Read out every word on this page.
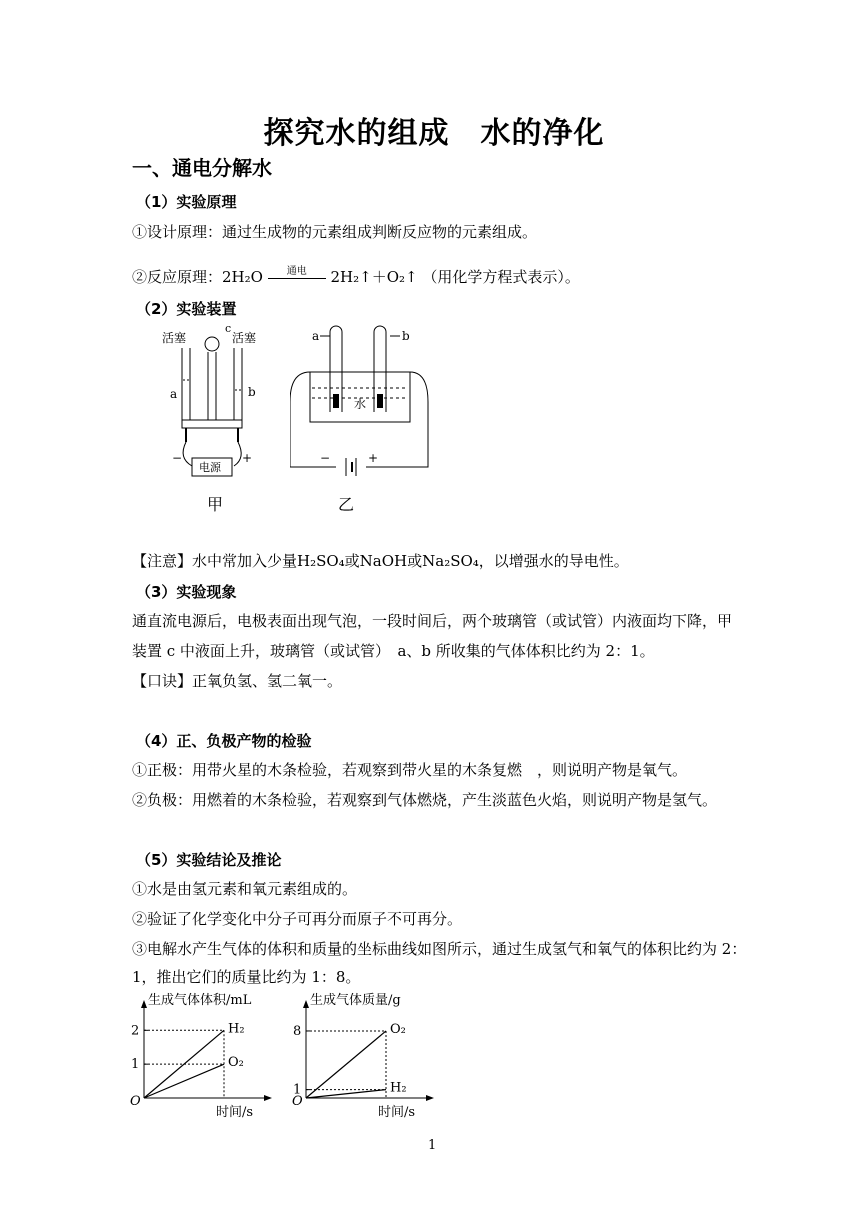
探究水的组成　水的净化
一、通电分解水
（1）实验原理
①设计原理：通过生成物的元素组成判断反应物的元素组成。
②反应原理：2H₂O	通电	2H₂↑＋O₂↑ （用化学方程式表示）。
（2）实验装置
活塞	活塞
c
a	b
电源
−	+
甲
a	b
水
−	+
乙
【注意】水中常加入少量H₂SO₄或NaOH或Na₂SO₄，以增强水的导电性。
（3）实验现象
通直流电源后，电极表面出现气泡，一段时间后，两个玻璃管（或试管）内液面均下降，甲
装置 c 中液面上升，玻璃管（或试管）　a、b 所收集的气体体积比约为 2：1。
【口诀】正氧负氢、氢二氧一。
（4）正、负极产物的检验
①正极：用带火星的木条检验，若观察到带火星的木条复燃　，则说明产物是氧气。
②负极：用燃着的木条检验，若观察到气体燃烧，产生淡蓝色火焰，则说明产物是氢气。
（5）实验结论及推论
①水是由氢元素和氧元素组成的。
②验证了化学变化中分子可再分而原子不可再分。
③电解水产生气体的体积和质量的坐标曲线如图所示，通过生成氢气和氧气的体积比约为 2：
1，推出它们的质量比约为 1：8。
生成气体体积/mL
O
时间/s
1
2	H₂
O₂
生成气体质量/g
O
时间/s
1
8	O₂
H₂
1
